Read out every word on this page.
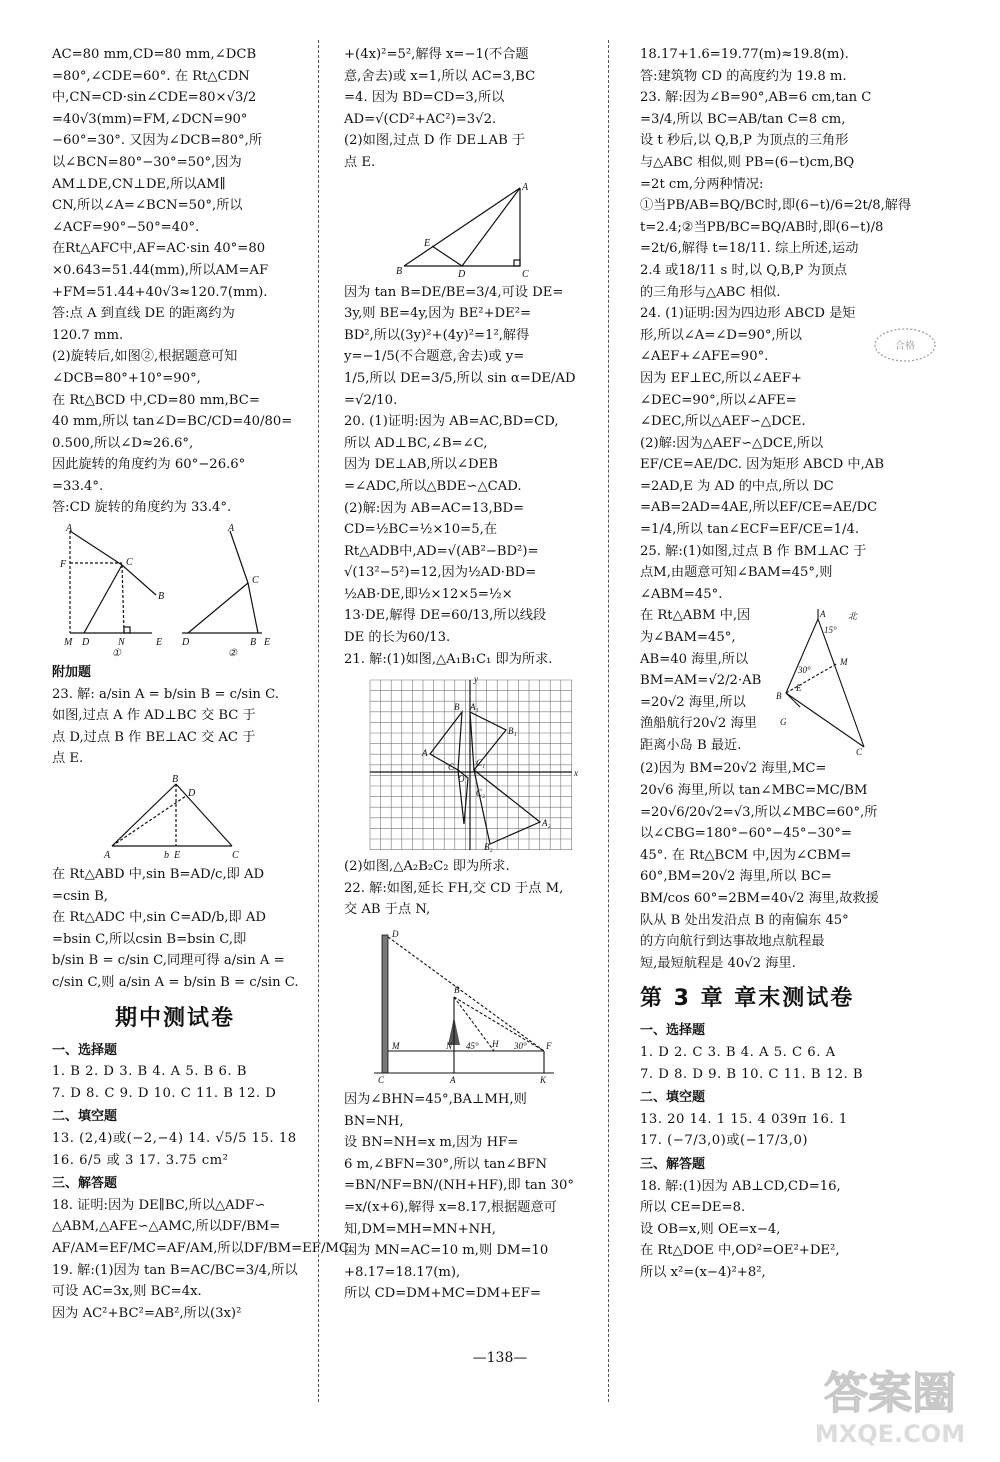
AC=80 mm,CD=80 mm,∠DCB
=80°,∠CDE=60°. 在 Rt△CDN
中,CN=CD·sin∠CDE=80×√3/2
=40√3(mm)=FM,∠DCN=90°
−60°=30°. 又因为∠DCB=80°,所
以∠BCN=80°−30°=50°,因为
AM⊥DE,CN⊥DE,所以AM∥
CN,所以∠A=∠BCN=50°,所以
∠ACF=90°−50°=40°.
在Rt△AFC中,AF=AC·sin 40°=80
×0.643=51.44(mm),所以AM=AF
+FM=51.44+40√3≈120.7(mm).
答:点 A 到直线 DE 的距离约为
120.7 mm.
(2)旋转后,如图②,根据题意可知
∠DCB=80°+10°=90°,
在 Rt△BCD 中,CD=80 mm,BC=
40 mm,所以 tan∠D=BC/CD=40/80=
0.500,所以∠D≈26.6°,
因此旋转的角度约为 60°−26.6°
=33.4°.
答:CD 旋转的角度约为 33.4°.
A
F	C
B
M D	N	E
①
A
C
D	B E
②
附加题
23. 解: a/sin A = b/sin B = c/sin C.
如图,过点 A 作 AD⊥BC 交 BC 于
点 D,过点 B 作 BE⊥AC 交 AC 于
点 E.
B
D
A	b E	C
在 Rt△ABD 中,sin B=AD/c,即 AD
=csin B,
在 Rt△ADC 中,sin C=AD/b,即 AD
=bsin C,所以csin B=bsin C,即
b/sin B = c/sin C,同理可得 a/sin A =
c/sin C,则 a/sin A = b/sin B = c/sin C.
期中测试卷
一、选择题
1. B 2. D 3. B 4. A 5. B 6. B
7. D 8. C 9. D 10. C 11. B 12. D
二、填空题
13. (2,4)或(−2,−4) 14. √5/5 15. 18
16. 6/5 或 3 17. 3.75 cm²
三、解答题
18. 证明:因为 DE∥BC,所以△ADF∽
△ABM,△AFE∽△AMC,所以DF/BM=
AF/AM=EF/MC=AF/AM,所以DF/BM=EF/MC.
19. 解:(1)因为 tan B=AC/BC=3/4,所以
可设 AC=3x,则 BC=4x.
因为 AC²+BC²=AB²,所以(3x)²
+(4x)²=5²,解得 x=−1(不合题
意,舍去)或 x=1,所以 AC=3,BC
=4. 因为 BD=CD=3,所以
AD=√(CD²+AC²)=3√2.
(2)如图,过点 D 作 DE⊥AB 于
点 E.
A
E
B	D	C
因为 tan B=DE/BE=3/4,可设 DE=
3y,则 BE=4y,因为 BE²+DE²=
BD²,所以(3y)²+(4y)²=1²,解得
y=−1/5(不合题意,舍去)或 y=
1/5,所以 DE=3/5,所以 sin α=DE/AD
=√2/10.
20. (1)证明:因为 AB=AC,BD=CD,
所以 AD⊥BC,∠B=∠C,
因为 DE⊥AB,所以∠DEB
=∠ADC,所以△BDE∽△CAD.
(2)解:因为 AB=AC=13,BD=
CD=½BC=½×10=5,在
Rt△ADB中,AD=√(AB²−BD²)=
√(13²−5²)=12,因为½AD·BD=
½AB·DE,即½×12×5=½×
13·DE,解得 DE=60/13,所以线段
DE 的长为60/13.
21. 解:(1)如图,△A₁B₁C₁ 即为所求.
y
x
O
A
B
C
A₁
B₁
C₁
A₂
B₂
C₂
(2)如图,△A₂B₂C₂ 即为所求.
22. 解:如图,延长 FH,交 CD 于点 M,
交 AB 于点 N,
D
B
M	N	H	F
C	A	K
45°	30°
因为∠BHN=45°,BA⊥MH,则
BN=NH,
设 BN=NH=x m,因为 HF=
6 m,∠BFN=30°,所以 tan∠BFN
=BN/NF=BN/(NH+HF),即 tan 30°
=x/(x+6),解得 x=8.17,根据题意可
知,DM=MH=MN+NH,
因为 MN=AC=10 m,则 DM=10
+8.17=18.17(m),
所以 CD=DM+MC=DM+EF=
18.17+1.6=19.77(m)≈19.8(m).
答:建筑物 CD 的高度约为 19.8 m.
23. 解:因为∠B=90°,AB=6 cm,tan C
=3/4,所以 BC=AB/tan C=8 cm,
设 t 秒后,以 Q,B,P 为顶点的三角形
与△ABC 相似,则 PB=(6−t)cm,BQ
=2t cm,分两种情况:
①当PB/AB=BQ/BC时,即(6−t)/6=2t/8,解得
t=2.4;②当PB/BC=BQ/AB时,即(6−t)/8
=2t/6,解得 t=18/11. 综上所述,运动
2.4 或18/11 s 时,以 Q,B,P 为顶点
的三角形与△ABC 相似.
24. (1)证明:因为四边形 ABCD 是矩
形,所以∠A=∠D=90°,所以
∠AEF+∠AFE=90°.
因为 EF⊥EC,所以∠AEF+
∠DEC=90°,所以∠AFE=
∠DEC,所以△AEF∽△DCE.
(2)解:因为△AEF∽△DCE,所以
EF/CE=AE/DC. 因为矩形 ABCD 中,AB
=2AD,E 为 AD 的中点,所以 DC
=AB=2AD=4AE,所以EF/CE=AE/DC
=1/4,所以 tan∠ECF=EF/CE=1/4.
25. 解:(1)如图,过点 B 作 BM⊥AC 于
点M,由题意可知∠BAM=45°,则
∠ABM=45°.
在 Rt△ABM 中,因
为∠BAM=45°,
AB=40 海里,所以
BM=AM=√2/2·AB
=20√2 海里,所以
渔船航行20√2 海里
距离小岛 B 最近.
A	北
15°
30°
M
B
E
G
C
(2)因为 BM=20√2 海里,MC=
20√6 海里,所以 tan∠MBC=MC/BM
=20√6/20√2=√3,所以∠MBC=60°,所
以∠CBG=180°−60°−45°−30°=
45°. 在 Rt△BCM 中,因为∠CBM=
60°,BM=20√2 海里,所以 BC=
BM/cos 60°=2BM=40√2 海里,故救援
队从 B 处出发沿点 B 的南偏东 45°
的方向航行到达事故地点航程最
短,最短航程是 40√2 海里.
第 3 章 章末测试卷
一、选择题
1. D 2. C 3. B 4. A 5. C 6. A
7. D 8. D 9. B 10. C 11. B 12. B
二、填空题
13. 20 14. 1 15. 4 039π 16. 1
17. (−7/3,0)或(−17/3,0)
三、解答题
18. 解:(1)因为 AB⊥CD,CD=16,
所以 CE=DE=8.
设 OB=x,则 OE=x−4,
在 Rt△DOE 中,OD²=OE²+DE²,
所以 x²=(x−4)²+8²,
—138—
合格
答案圈
MXQE.COM
